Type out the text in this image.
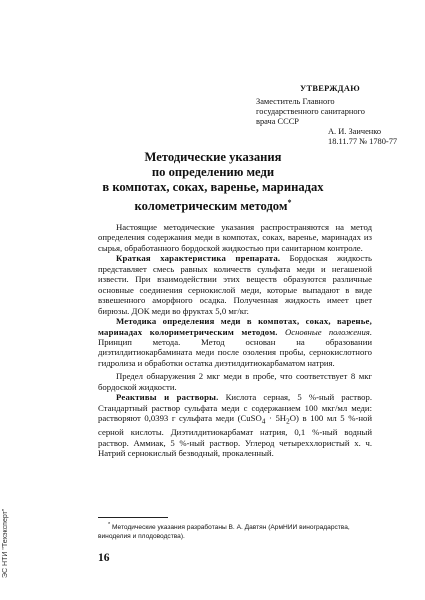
УТВЕРЖДАЮ
Заместитель Главного
государственного санитарного
врача СССР
А. И. Заиченко
18.11.77 № 1780-77
Методические указания
по определению меди
в компотах, соках, варенье, маринадах
колометрическим методом*

Настоящие методические указания распространяются на метод определения содержания меди в компотах, соках, варенье, маринадах из сырья, обработанного бордоской жидкостью при санитарном контроле.

Краткая характеристика препарата. Бордоская жидкость представляет смесь равных количеств сульфата меди и негашеной извести. При взаимодействии этих веществ образуются различные основные соединения сернокислой меди, которые выпадают в виде взвешенного аморфного осадка. Полученная жидкость имеет цвет бирюзы. ДОК меди во фруктах 5,0 мг/кг.

Методика определения меди в компотах, соках, варенье, маринадах колориметрическим методом. Основные положения. Принцип метода. Метод основан на образовании диэтилдитиокарбамината меди после озоления пробы, сернокислотного гидролиза и обработки остатка диэтилдитиокарбаматом натрия.

Предел обнаружения 2 мкг меди в пробе, что соответствует 8 мкг бордоской жидкости.

Реактивы и растворы. Кислота серная, 5 %-ный раствор. Стандартный раствор сульфата меди с содержанием 100 мкг/мл меди: растворяют 0,0393 г сульфата меди (CuSO$_4$ · $5H_2O$) в 100 мл 5 %-ной серной кислоты. Диэтилдитиокарбамат натрия, 0,1 %-ный водный раствор. Аммиак, 5 %-ный раствор. Углерод четыреххлористый х. ч. Натрий сернокислый безводный, прокаленный.

* Методические указания разработаны В. А. Давтян (АрмНИИ виноградарства, виноделия и плодоводства).
16
ЭС НТИ "Техэксперт"
